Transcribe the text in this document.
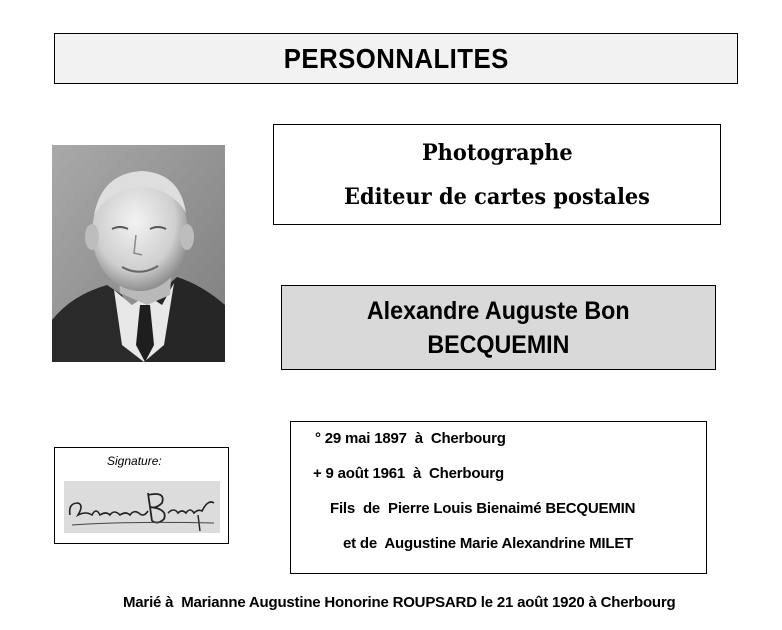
PERSONNALITES
Photographe
Editeur de cartes postales
Alexandre Auguste Bon
BECQUEMIN
Signature:
° 29 mai 1897  à  Cherbourg
+ 9 août 1961  à  Cherbourg
Fils  de  Pierre Louis Bienaimé BECQUEMIN
et de  Augustine Marie Alexandrine MILET
Marié à  Marianne Augustine Honorine ROUPSARD le 21 août 1920 à Cherbourg
